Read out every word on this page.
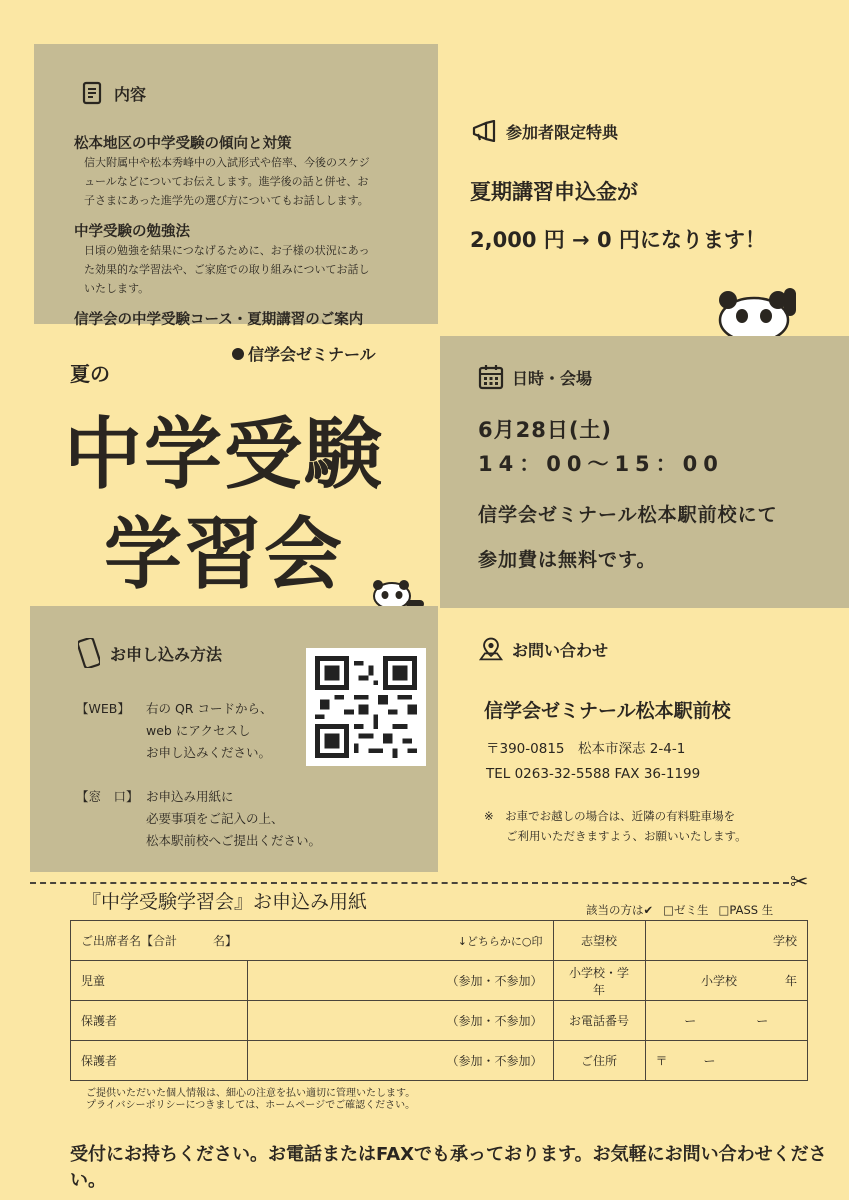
内容
松本地区の中学受験の傾向と対策
信大附属中や松本秀峰中の入試形式や倍率、今後のスケジ
ュールなどについてお伝えします。進学後の話と併せ、お
子さまにあった進学先の選び方についてもお話しします。
中学受験の勉強法
日頃の勉強を結果につなげるために、お子様の状況にあっ
た効果的な学習法や、ご家庭での取り組みについてお話し
いたします。
信学会の中学受験コース・夏期講習のご案内
信学会ゼミナール
夏の
中学受験
学習会
参加者限定特典
夏期講習申込金が
2,000 円 → 0 円になります！
日時・会場
6月28日(土)
14：00〜15：00
信学会ゼミナール松本駅前校にて
参加費は無料です。
お申し込み方法
【WEB】	右の QR コードから、
web にアクセスし
お申し込みください。
【窓　口】 お申込み用紙に
必要事項をご記入の上、
松本駅前校へご提出ください。
お問い合わせ
信学会ゼミナール松本駅前校
〒390-0815　松本市深志 2-4-1
TEL 0263-32-5588 FAX 36-1199
※　お車でお越しの場合は、近隣の有料駐車場を
ご利用いただきますよう、お願いいたします。
✂
『中学受験学習会』お申込み用紙	該当の方は✔ □ゼミ生 □PASS 生
ご出席者名【合計　　　名】	↓どちらかに○印	志望校	学校
児童	（参加・不参加）	小学校・学年	小学校　　　　年
保護者	（参加・不参加）	お電話番号	ー　　　　　ー
保護者	（参加・不参加）	ご住所	〒　　　ー
ご提供いただいた個人情報は、細心の注意を払い適切に管理いたします。
プライバシーポリシーにつきましては、ホームページでご確認ください。
受付にお持ちください。お電話またはFAXでも承っております。お気軽にお問い合わせください。
